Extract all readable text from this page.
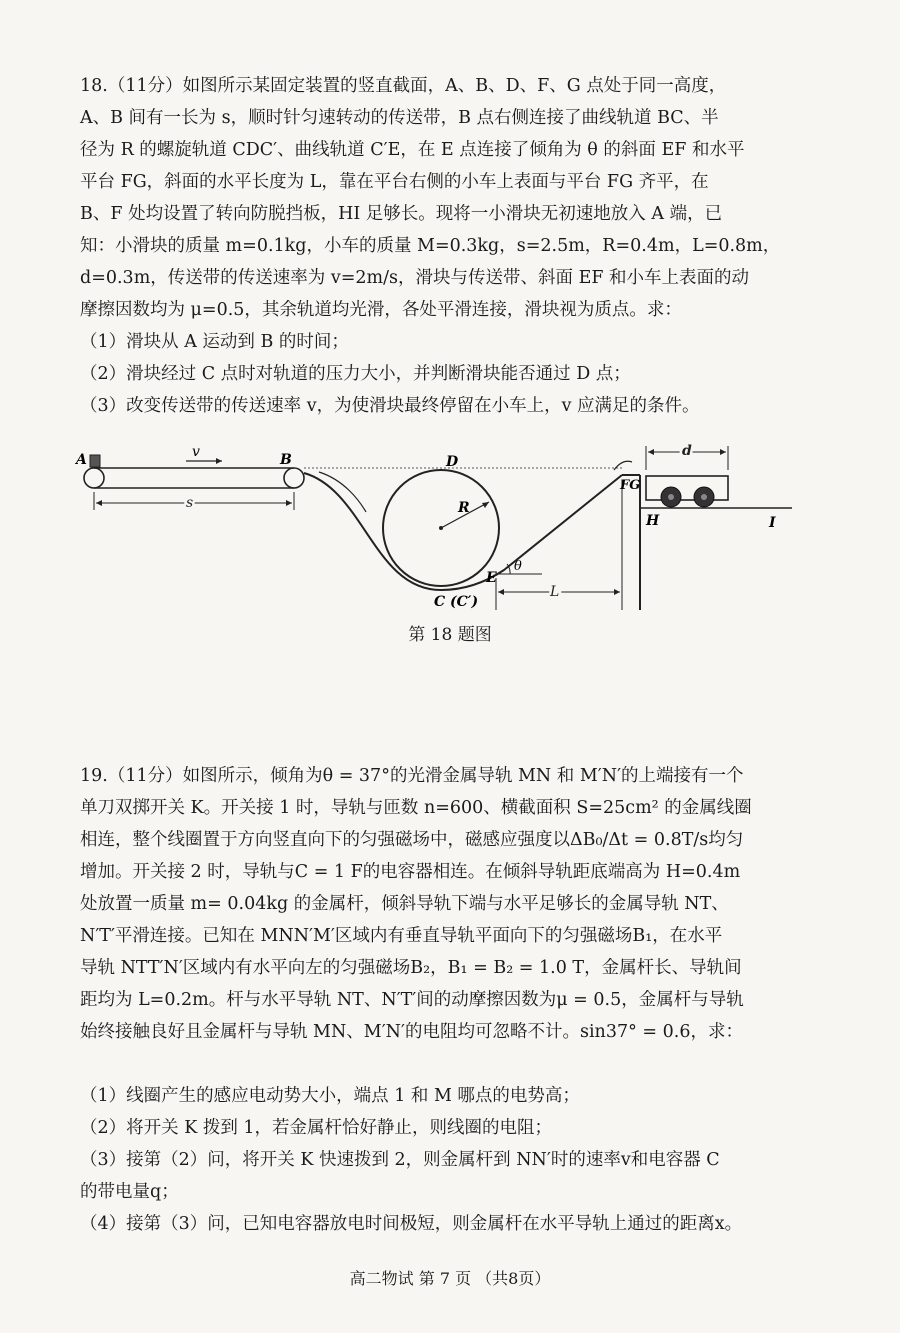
18.（11分）如图所示某固定装置的竖直截面，A、B、D、F、G 点处于同一高度，
A、B 间有一长为 s，顺时针匀速转动的传送带，B 点右侧连接了曲线轨道 BC、半
径为 R 的螺旋轨道 CDC′、曲线轨道 C′E，在 E 点连接了倾角为 θ 的斜面 EF 和水平
平台 FG，斜面的水平长度为 L，靠在平台右侧的小车上表面与平台 FG 齐平，在
B、F 处均设置了转向防脱挡板，HI 足够长。现将一小滑块无初速地放入 A 端，已
知：小滑块的质量 m=0.1kg，小车的质量 M=0.3kg，s=2.5m，R=0.4m，L=0.8m，
d=0.3m，传送带的传送速率为 v=2m/s，滑块与传送带、斜面 EF 和小车上表面的动
摩擦因数均为 μ=0.5，其余轨道均光滑，各处平滑连接，滑块视为质点。求：
（1）滑块从 A 运动到 B 的时间；
（2）滑块经过 C 点时对轨道的压力大小，并判断滑块能否通过 D 点；
（3）改变传送带的传送速率 v，为使滑块最终停留在小车上，v 应满足的条件。
v
A	B
s	R
D
C (C′)
E
θ
L
FG
d
H	I
第 18 题图
19.（11分）如图所示，倾角为θ = 37°的光滑金属导轨 MN 和 M′N′的上端接有一个
单刀双掷开关 K。开关接 1 时，导轨与匝数 n=600、横截面积 S=25cm² 的金属线圈
相连，整个线圈置于方向竖直向下的匀强磁场中，磁感应强度以ΔB₀/Δt = 0.8T/s均匀
增加。开关接 2 时，导轨与C = 1 F的电容器相连。在倾斜导轨距底端高为 H=0.4m
处放置一质量 m= 0.04kg 的金属杆，倾斜导轨下端与水平足够长的金属导轨 NT、
N′T′平滑连接。已知在 MNN′M′区域内有垂直导轨平面向下的匀强磁场B₁，在水平
导轨 NTT′N′区域内有水平向左的匀强磁场B₂，B₁ = B₂ = 1.0 T，金属杆长、导轨间
距均为 L=0.2m。杆与水平导轨 NT、N′T′间的动摩擦因数为μ = 0.5，金属杆与导轨
始终接触良好且金属杆与导轨 MN、M′N′的电阻均可忽略不计。sin37° = 0.6，求：
（1）线圈产生的感应电动势大小，端点 1 和 M 哪点的电势高；
（2）将开关 K 拨到 1，若金属杆恰好静止，则线圈的电阻；
（3）接第（2）问，将开关 K 快速拨到 2，则金属杆到 NN′时的速率v和电容器 C
的带电量q；
（4）接第（3）问，已知电容器放电时间极短，则金属杆在水平导轨上通过的距离x。
高二物试 第 7 页 （共8页）
